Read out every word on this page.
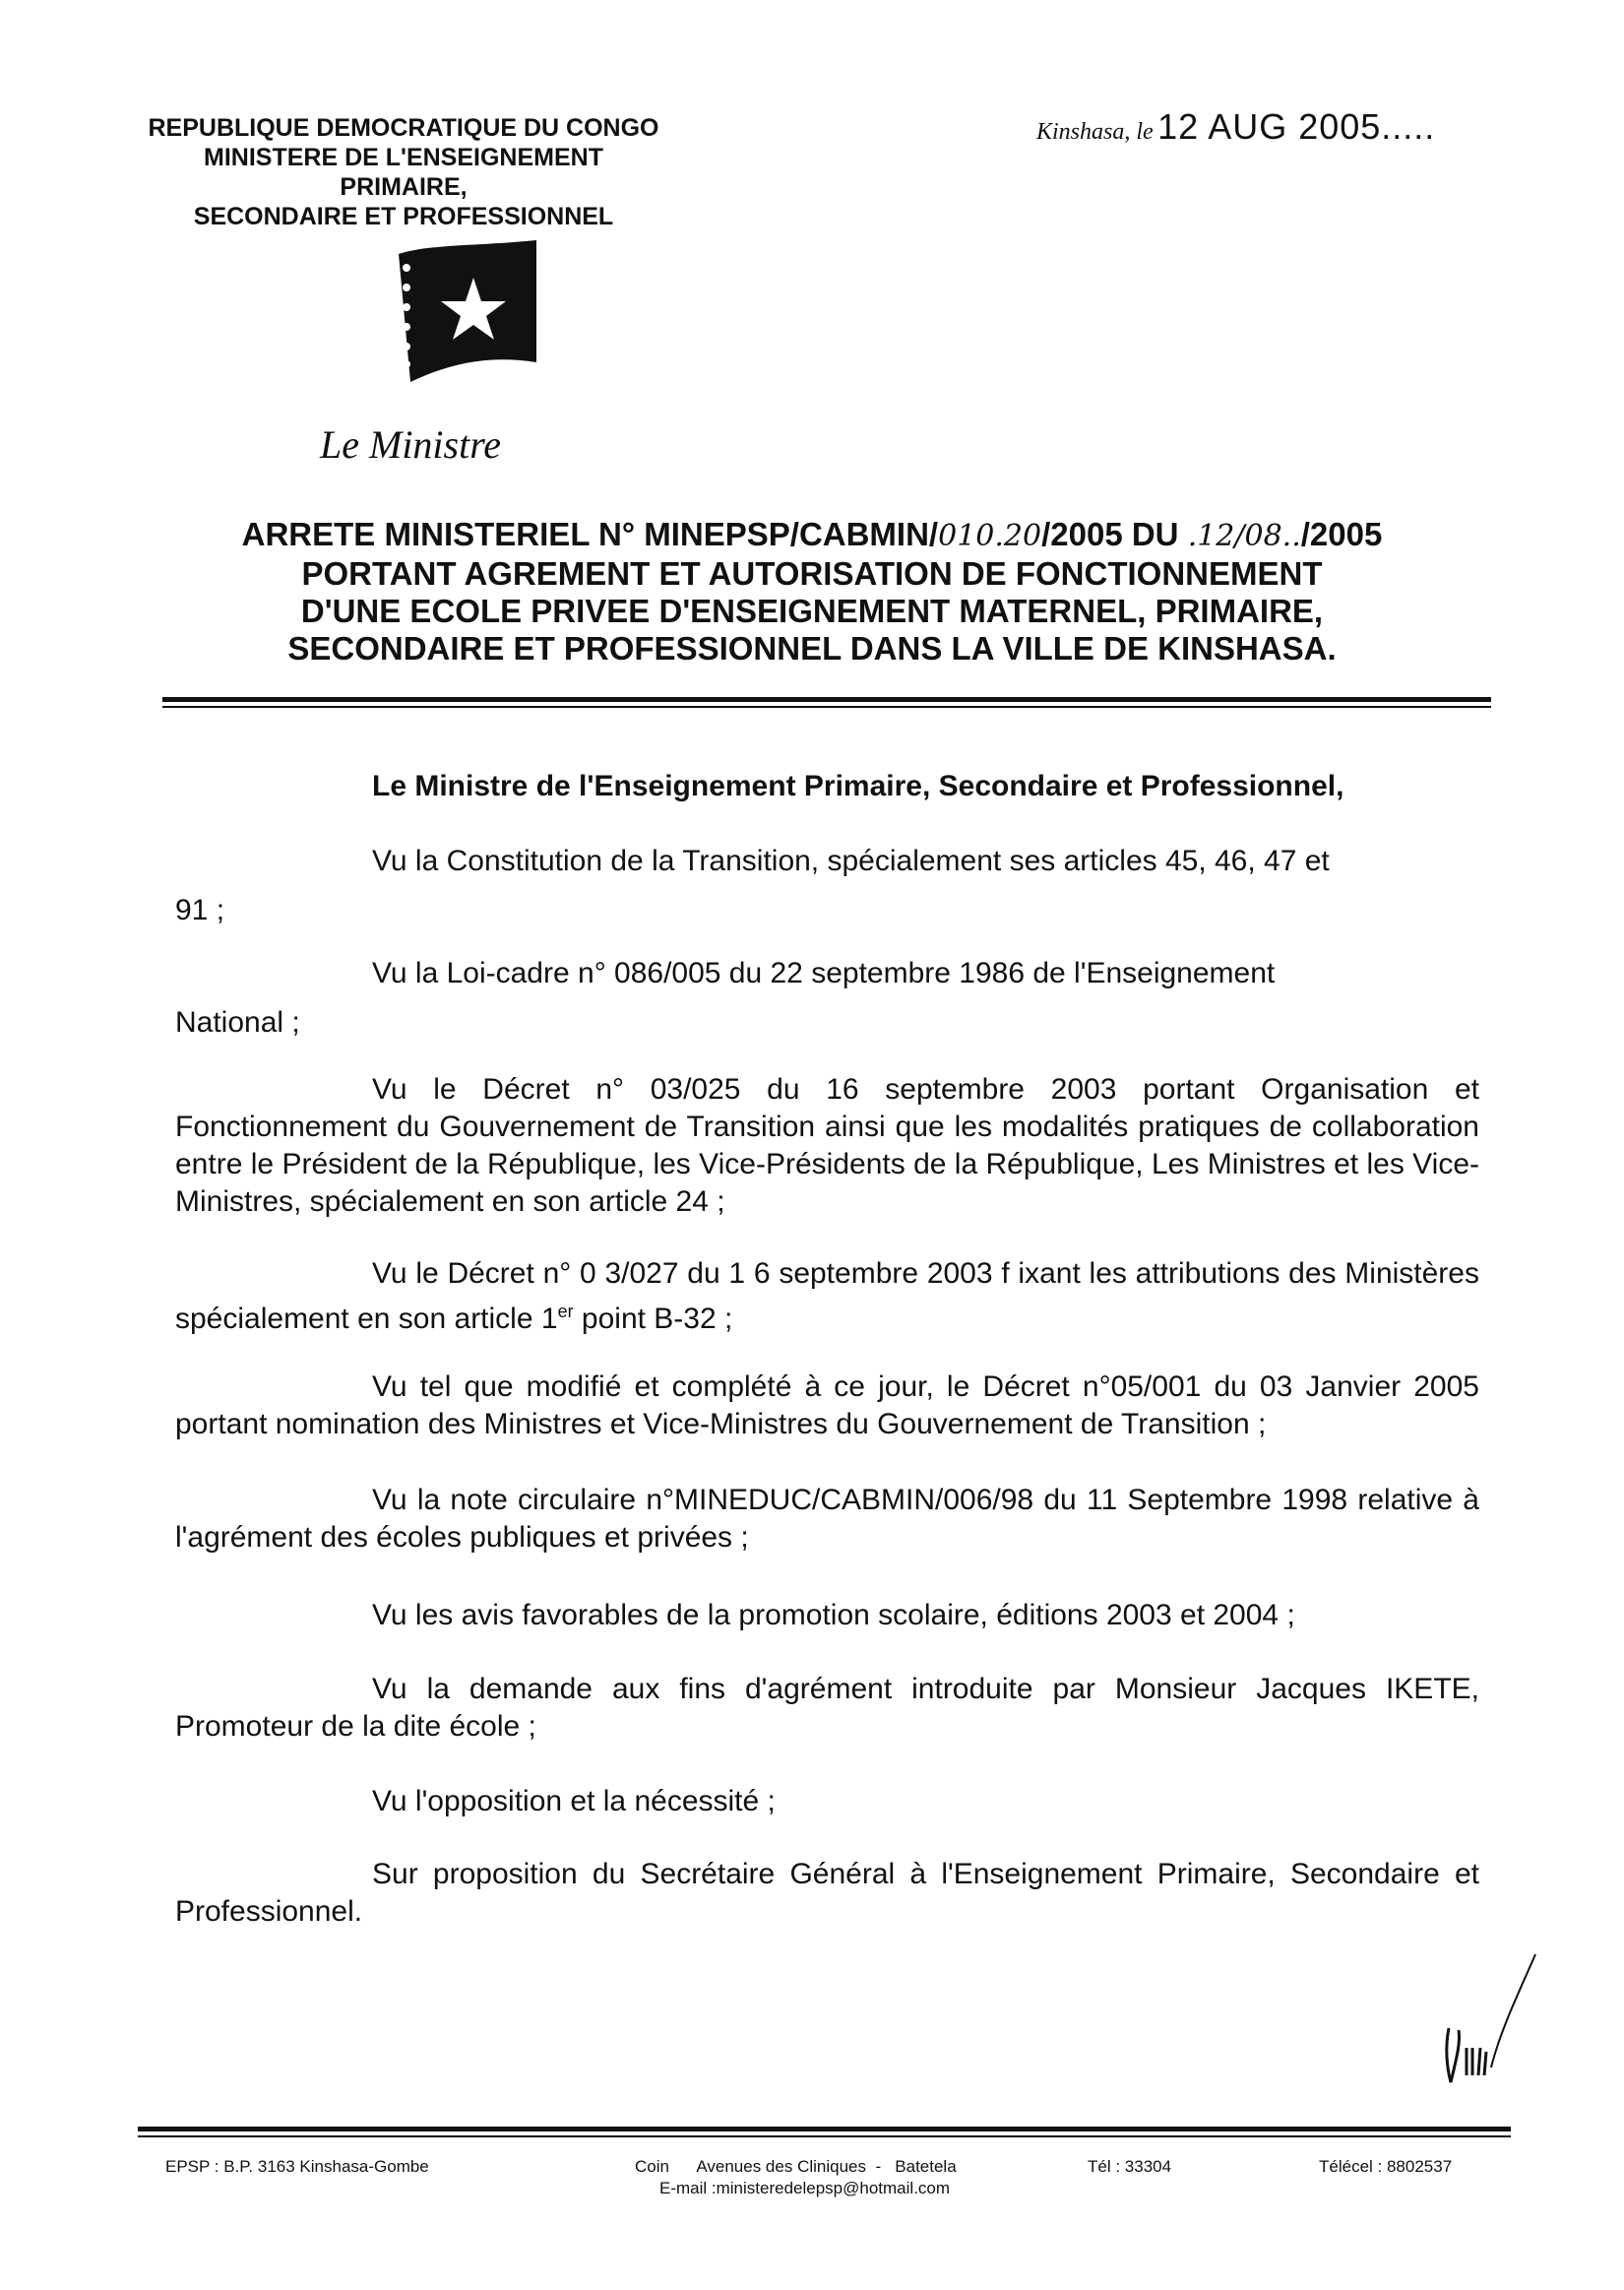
REPUBLIQUE DEMOCRATIQUE DU CONGO
MINISTERE DE L'ENSEIGNEMENT PRIMAIRE,
SECONDAIRE ET PROFESSIONNEL
Kinshasa, le 12 AUG 2005.....
Le Ministre
ARRETE MINISTERIEL N° MINEPSP/CABMIN/010.20/2005 DU .12/08../2005
PORTANT AGREMENT ET AUTORISATION DE FONCTIONNEMENT
D'UNE ECOLE PRIVEE D'ENSEIGNEMENT MATERNEL, PRIMAIRE,
SECONDAIRE ET PROFESSIONNEL DANS LA VILLE DE KINSHASA.
Le Ministre de l'Enseignement Primaire, Secondaire et Professionnel,
Vu la Constitution de la Transition, spécialement ses articles 45, 46, 47 et
91 ;
Vu la Loi-cadre n° 086/005 du 22 septembre 1986 de l'Enseignement
National ;
Vu le Décret n° 03/025 du 16 septembre 2003 portant Organisation et Fonctionnement du Gouvernement de Transition ainsi que les modalités pratiques de collaboration entre le Président de la République, les Vice-Présidents de la République, Les Ministres et les Vice-Ministres, spécialement en son article 24 ;
Vu le Décret n° 0 3/027 du 1 6 septembre 2003 f ixant les attributions des Ministères spécialement en son article 1er point B-32 ;
Vu tel que modifié et complété à ce jour, le Décret n°05/001 du 03 Janvier 2005 portant nomination des Ministres et Vice-Ministres du Gouvernement de Transition ;
Vu la note circulaire n°MINEDUC/CABMIN/006/98 du 11 Septembre 1998 relative à l'agrément des écoles publiques et privées ;
Vu les avis favorables de la promotion scolaire, éditions 2003 et 2004 ;
Vu la demande aux fins d'agrément introduite par Monsieur Jacques IKETE, Promoteur de la dite école ;
Vu l'opposition et la nécessité ;
Sur proposition du Secrétaire Général à l'Enseignement Primaire, Secondaire et Professionnel.
EPSP : B.P. 3163 Kinshasa-Gombe	Coin      Avenues des Cliniques  -   Batetela
E-mail :ministeredelepsp@hotmail.com
Tél : 33304	Télécel : 8802537
